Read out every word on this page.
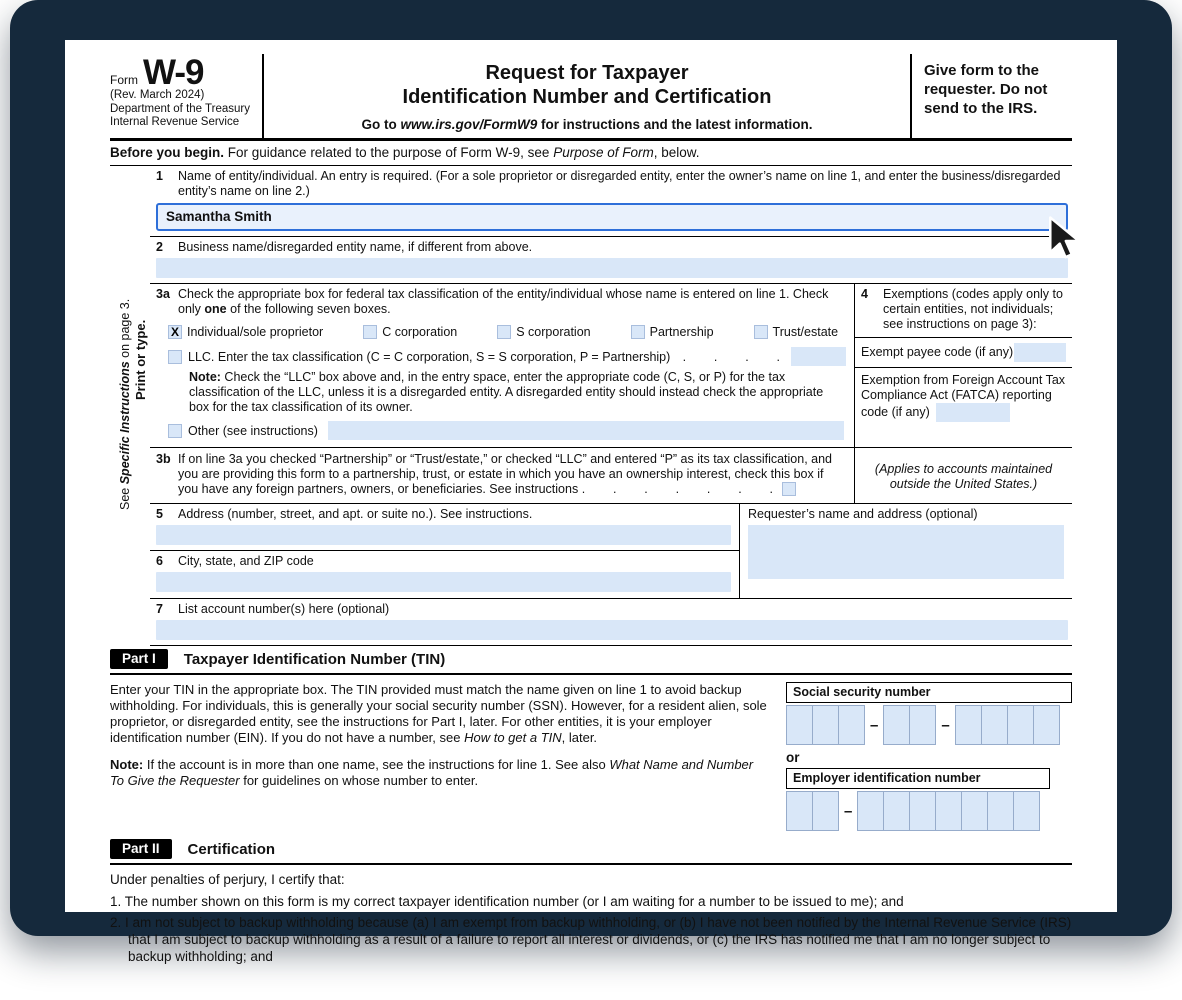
Form W-9
(Rev. March 2024)
Department of the Treasury
Internal Revenue Service
Request for Taxpayer
Identification Number and Certification
Go to www.irs.gov/FormW9 for instructions and the latest information.
Give form to the requester. Do not send to the IRS.
Before you begin. For guidance related to the purpose of Form W-9, see Purpose of Form, below.
See Specific Instructions on page 3. Print or type.
1	Name of entity/individual. An entry is required. (For a sole proprietor or disregarded entity, enter the owner’s name on line 1, and enter the business/disregarded entity’s name on line 2.)
Samantha Smith
2	Business name/disregarded entity name, if different from above.
3a Check the appropriate box for federal tax classification of the entity/individual whose name is entered on line 1. Check only one of the following seven boxes.
X Individual/sole proprietor	C corporation	S corporation	Partnership	Trust/estate
LLC. Enter the tax classification (C = C corporation, S = S corporation, P = Partnership) .      .      .      .
Note: Check the “LLC” box above and, in the entry space, enter the appropriate code (C, S, or P) for the tax classification of the LLC, unless it is a disregarded entity. A disregarded entity should instead check the appropriate box for the tax classification of its owner.
Other (see instructions)
4	Exemptions (codes apply only to certain entities, not individuals; see instructions on page 3):
Exempt payee code (if any)
Exemption from Foreign Account Tax Compliance Act (FATCA) reporting code (if any)
3b If on line 3a you checked “Partnership” or “Trust/estate,” or checked “LLC” and entered “P” as its tax classification, and you are providing this form to a partnership, trust, or estate in which you have an ownership interest, check this box if you have any foreign partners, owners, or beneficiaries. See instructions .      .      .      .      .      .      .
(Applies to accounts maintained outside the United States.)
5	Address (number, street, and apt. or suite no.). See instructions.
6	City, state, and ZIP code
Requester’s name and address (optional)
7	List account number(s) here (optional)
Part I	Taxpayer Identification Number (TIN)
Enter your TIN in the appropriate box. The TIN provided must match the name given on line 1 to avoid backup withholding. For individuals, this is generally your social security number (SSN). However, for a resident alien, sole proprietor, or disregarded entity, see the instructions for Part I, later. For other entities, it is your employer identification number (EIN). If you do not have a number, see How to get a TIN, later.
Note: If the account is in more than one name, see the instructions for line 1. See also What Name and Number To Give the Requester for guidelines on whose number to enter.
Social security number
–	–
or
Employer identification number
–
Part II	Certification
Under penalties of perjury, I certify that:
1. The number shown on this form is my correct taxpayer identification number (or I am waiting for a number to be issued to me); and
2. I am not subject to backup withholding because (a) I am exempt from backup withholding, or (b) I have not been notified by the Internal Revenue Service (IRS) that I am subject to backup withholding as a result of a failure to report all interest or dividends, or (c) the IRS has notified me that I am no longer subject to backup withholding; and
